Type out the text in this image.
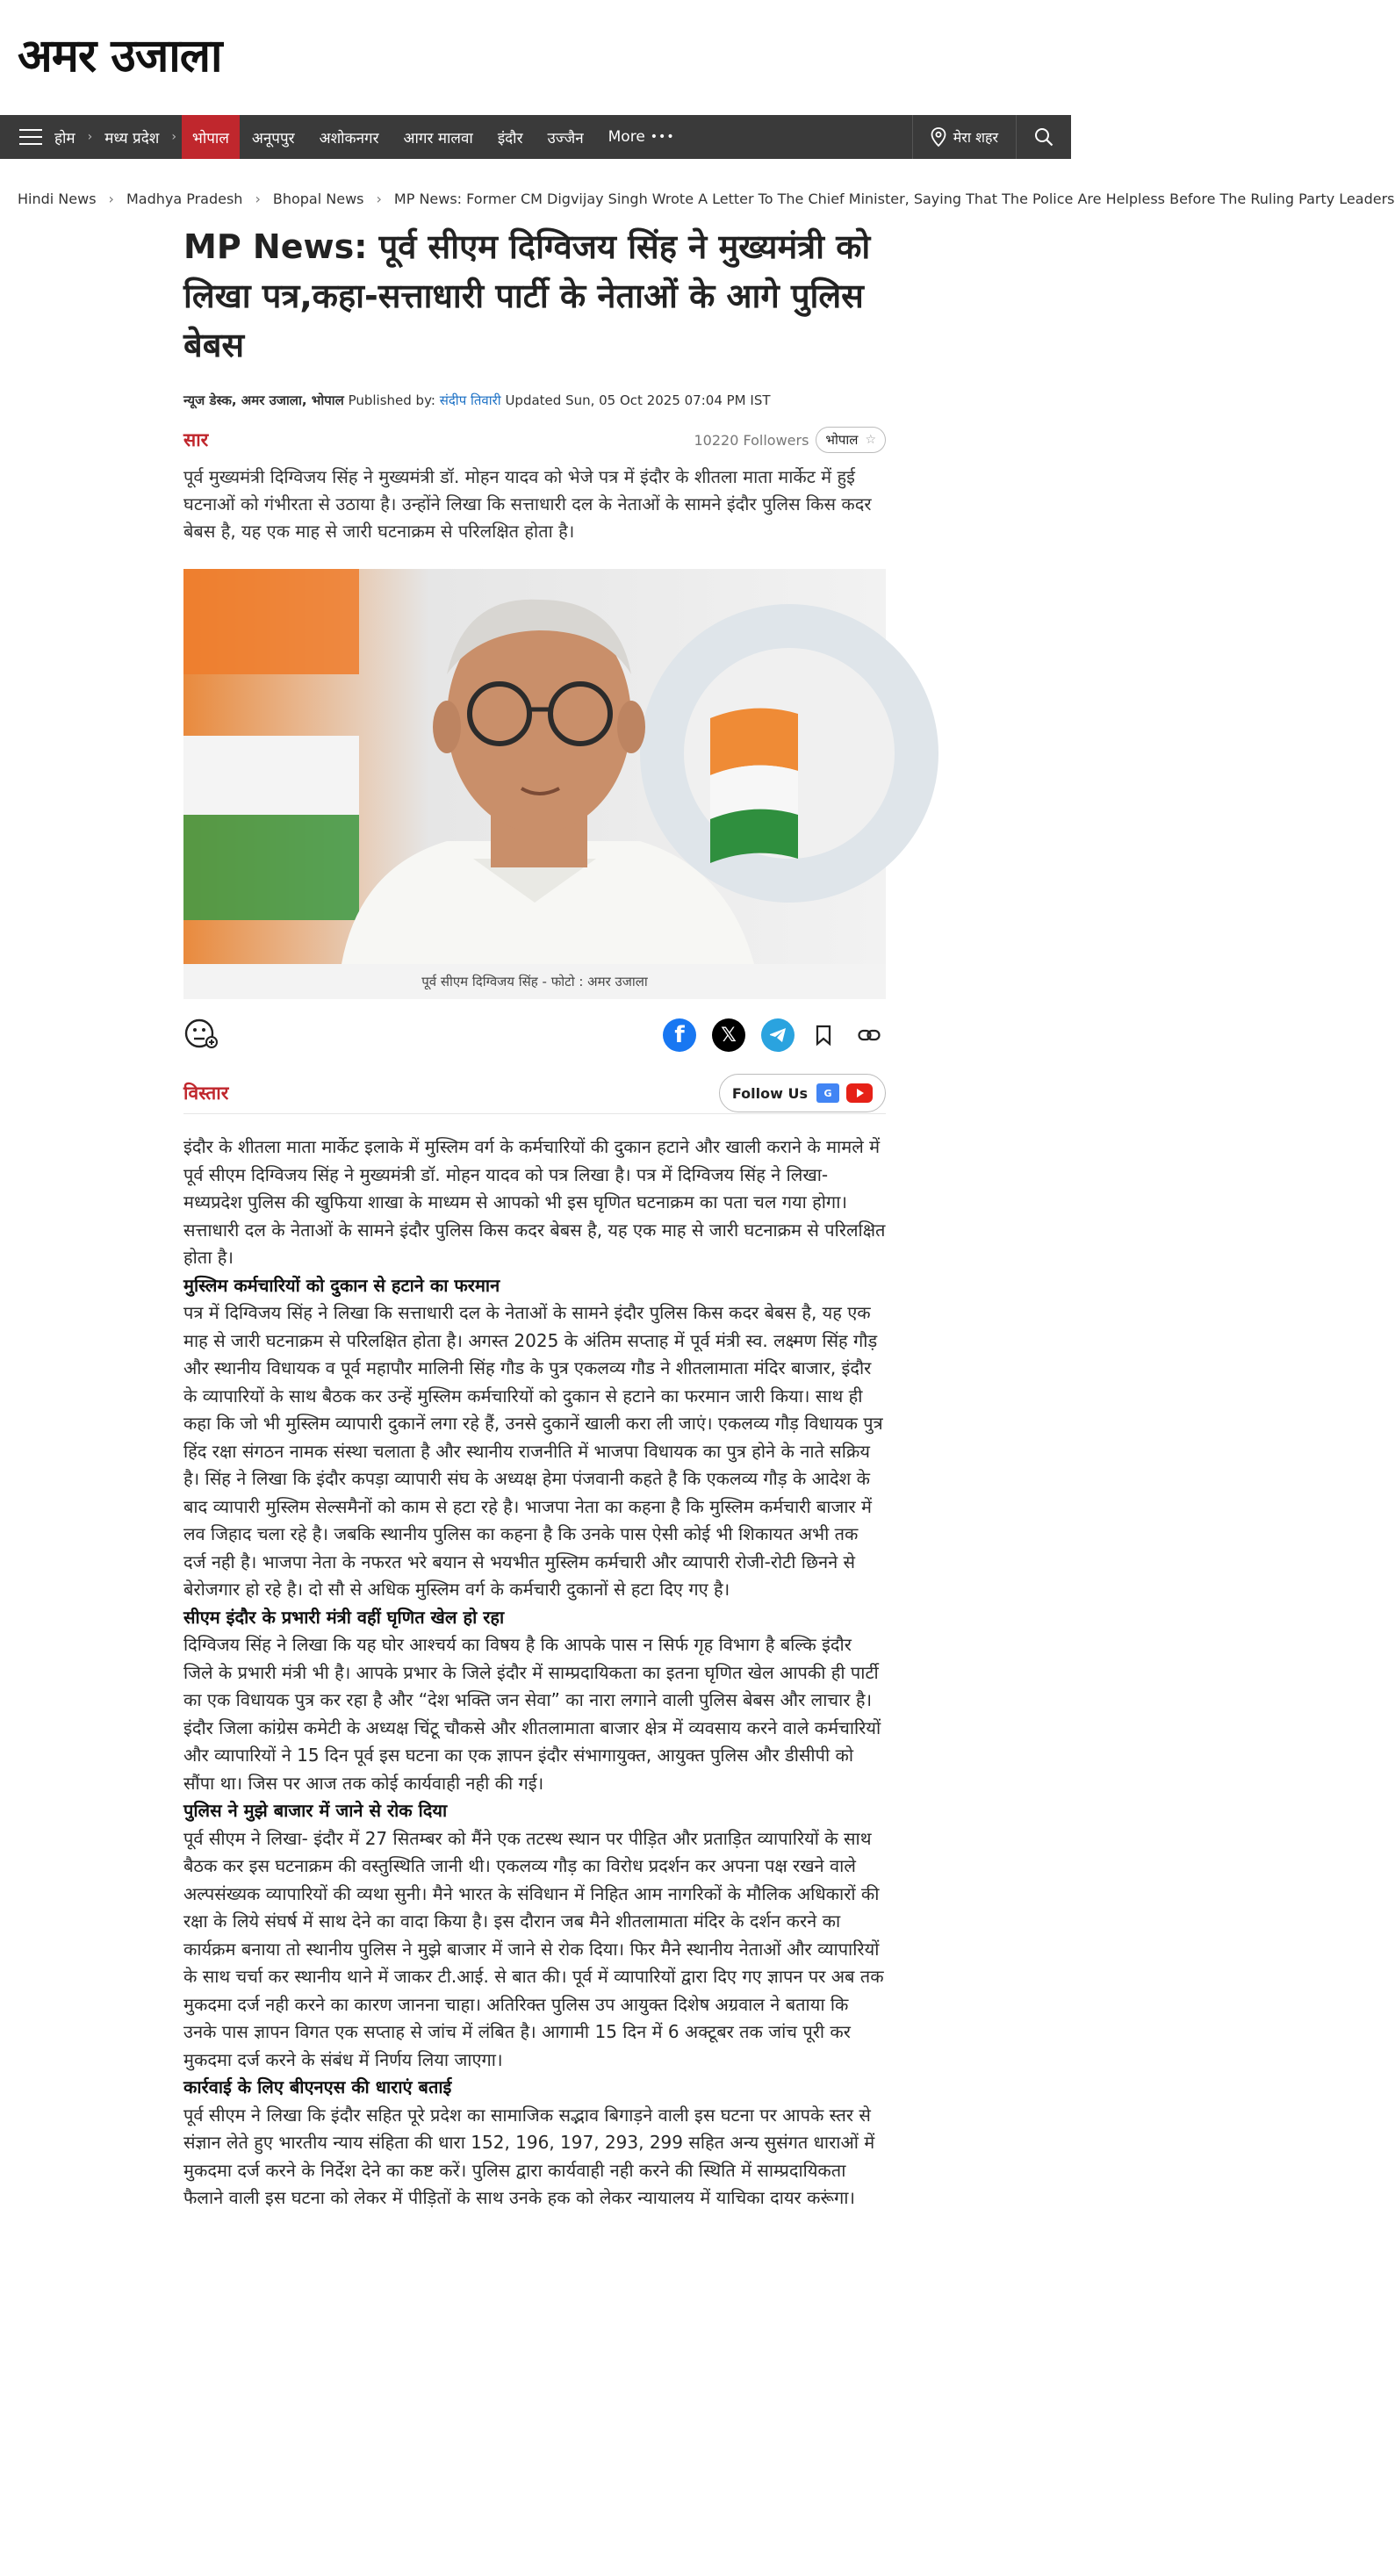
अमर उजाला
होम	› मध्य प्रदेश	›	भोपाल	अनूपपुर	अशोकनगर	आगर मालवा	इंदौर	उज्जैन	More •••	मेरा शहर
Hindi News › Madhya Pradesh › Bhopal News › MP News: Former CM Digvijay Singh Wrote A Letter To The Chief Minister, Saying That The Police Are Helpless Before The Ruling Party Leaders
MP News: पूर्व सीएम दिग्विजय सिंह ने मुख्यमंत्री को लिखा पत्र,कहा-सत्ताधारी पार्टी के नेताओं के आगे पुलिस बेबस
न्यूज डेस्क, अमर उजाला, भोपाल Published by: संदीप तिवारी Updated Sun, 05 Oct 2025 07:04 PM IST
सार	10220 Followers भोपाल ☆

पूर्व मुख्यमंत्री दिग्विजय सिंह ने मुख्यमंत्री डॉ. मोहन यादव को भेजे पत्र में इंदौर के शीतला माता मार्केट में हुई घटनाओं को गंभीरता से उठाया है। उन्होंने लिखा कि सत्ताधारी दल के नेताओं के सामने इंदौर पुलिस किस कदर बेबस है, यह एक माह से जारी घटनाक्रम से परिलक्षित होता है।

पूर्व सीएम दिग्विजय सिंह - फोटो : अमर उजाला
f	𝕏
विस्तार	Follow Us	G

इंदौर के शीतला माता मार्केट इलाके में मुस्लिम वर्ग के कर्मचारियों की दुकान हटाने और खाली कराने के मामले में पूर्व सीएम दिग्विजय सिंह ने मुख्यमंत्री डॉ. मोहन यादव को पत्र लिखा है। पत्र में दिग्विजय सिंह ने लिखा- मध्यप्रदेश पुलिस की खुफिया शाखा के माध्यम से आपको भी इस घृणित घटनाक्रम का पता चल गया होगा। सत्ताधारी दल के नेताओं के सामने इंदौर पुलिस किस कदर बेबस है, यह एक माह से जारी घटनाक्रम से परिलक्षित होता है।

मुस्लिम कर्मचारियों को दुकान से हटाने का फरमान

पत्र में दिग्विजय सिंह ने लिखा कि सत्ताधारी दल के नेताओं के सामने इंदौर पुलिस किस कदर बेबस है, यह एक माह से जारी घटनाक्रम से परिलक्षित होता है। अगस्त 2025 के अंतिम सप्ताह में पूर्व मंत्री स्व. लक्ष्मण सिंह गौड़ और स्थानीय विधायक व पूर्व महापौर मालिनी सिंह गौड के पुत्र एकलव्य गौड ने शीतलामाता मंदिर बाजार, इंदौर के व्यापारियों के साथ बैठक कर उन्हें मुस्लिम कर्मचारियों को दुकान से हटाने का फरमान जारी किया। साथ ही कहा कि जो भी मुस्लिम व्यापारी दुकानें लगा रहे हैं, उनसे दुकानें खाली करा ली जाएं। एकलव्य गौड़ विधायक पुत्र हिंद रक्षा संगठन नामक संस्था चलाता है और स्थानीय राजनीति में भाजपा विधायक का पुत्र होने के नाते सक्रिय है। सिंह ने लिखा कि इंदौर कपड़ा व्यापारी संघ के अध्यक्ष हेमा पंजवानी कहते है कि एकलव्य गौड़ के आदेश के बाद व्यापारी मुस्लिम सेल्समैनों को काम से हटा रहे है। भाजपा नेता का कहना है कि मुस्लिम कर्मचारी बाजार में लव जिहाद चला रहे है। जबकि स्थानीय पुलिस का कहना है कि उनके पास ऐसी कोई भी शिकायत अभी तक दर्ज नही है। भाजपा नेता के नफरत भरे बयान से भयभीत मुस्लिम कर्मचारी और व्यापारी रोजी-रोटी छिनने से बेरोजगार हो रहे है। दो सौ से अधिक मुस्लिम वर्ग के कर्मचारी दुकानों से हटा दिए गए है।

सीएम इंदौर के प्रभारी मंत्री वहीं घृणित खेल हो रहा

दिग्विजय सिंह ने लिखा कि यह घोर आश्चर्य का विषय है कि आपके पास न सिर्फ गृह विभाग है बल्कि इंदौर जिले के प्रभारी मंत्री भी है। आपके प्रभार के जिले इंदौर में साम्प्रदायिकता का इतना घृणित खेल आपकी ही पार्टी का एक विधायक पुत्र कर रहा है और “देश भक्ति जन सेवा” का नारा लगाने वाली पुलिस बेबस और लाचार है। इंदौर जिला कांग्रेस कमेटी के अध्यक्ष चिंटू चौकसे और शीतलामाता बाजार क्षेत्र में व्यवसाय करने वाले कर्मचारियों और व्यापारियों ने 15 दिन पूर्व इस घटना का एक ज्ञापन इंदौर संभागायुक्त, आयुक्त पुलिस और डीसीपी को सौंपा था। जिस पर आज तक कोई कार्यवाही नही की गई।

पुलिस ने मुझे बाजार में जाने से रोक दिया

पूर्व सीएम ने लिखा- इंदौर में 27 सितम्बर को मैंने एक तटस्थ स्थान पर पीड़ित और प्रताड़ित व्यापारियों के साथ बैठक कर इस घटनाक्रम की वस्तुस्थिति जानी थी। एकलव्य गौड़ का विरोध प्रदर्शन कर अपना पक्ष रखने वाले अल्पसंख्यक व्यापारियों की व्यथा सुनी। मैने भारत के संविधान में निहित आम नागरिकों के मौलिक अधिकारों की रक्षा के लिये संघर्ष में साथ देने का वादा किया है। इस दौरान जब मैने शीतलामाता मंदिर के दर्शन करने का कार्यक्रम बनाया तो स्थानीय पुलिस ने मुझे बाजार में जाने से रोक दिया। फिर मैने स्थानीय नेताओं और व्यापारियों के साथ चर्चा कर स्थानीय थाने में जाकर टी.आई. से बात की। पूर्व में व्यापारियों द्वारा दिए गए ज्ञापन पर अब तक मुकदमा दर्ज नही करने का कारण जानना चाहा। अतिरिक्त पुलिस उप आयुक्त दिशेष अग्रवाल ने बताया कि उनके पास ज्ञापन विगत एक सप्ताह से जांच में लंबित है। आगामी 15 दिन में 6 अक्टूबर तक जांच पूरी कर मुकदमा दर्ज करने के संबंध में निर्णय लिया जाएगा।

कार्रवाई के लिए बीएनएस की धाराएं बताई

पूर्व सीएम ने लिखा कि इंदौर सहित पूरे प्रदेश का सामाजिक सद्भाव बिगाड़ने वाली इस घटना पर आपके स्तर से संज्ञान लेते हुए भारतीय न्याय संहिता की धारा 152, 196, 197, 293, 299 सहित अन्य सुसंगत धाराओं में मुकदमा दर्ज करने के निर्देश देने का कष्ट करें। पुलिस द्वारा कार्यवाही नही करने की स्थिति में साम्प्रदायिकता फैलाने वाली इस घटना को लेकर में पीड़ितों के साथ उनके हक को लेकर न्यायालय में याचिका दायर करूंगा।
